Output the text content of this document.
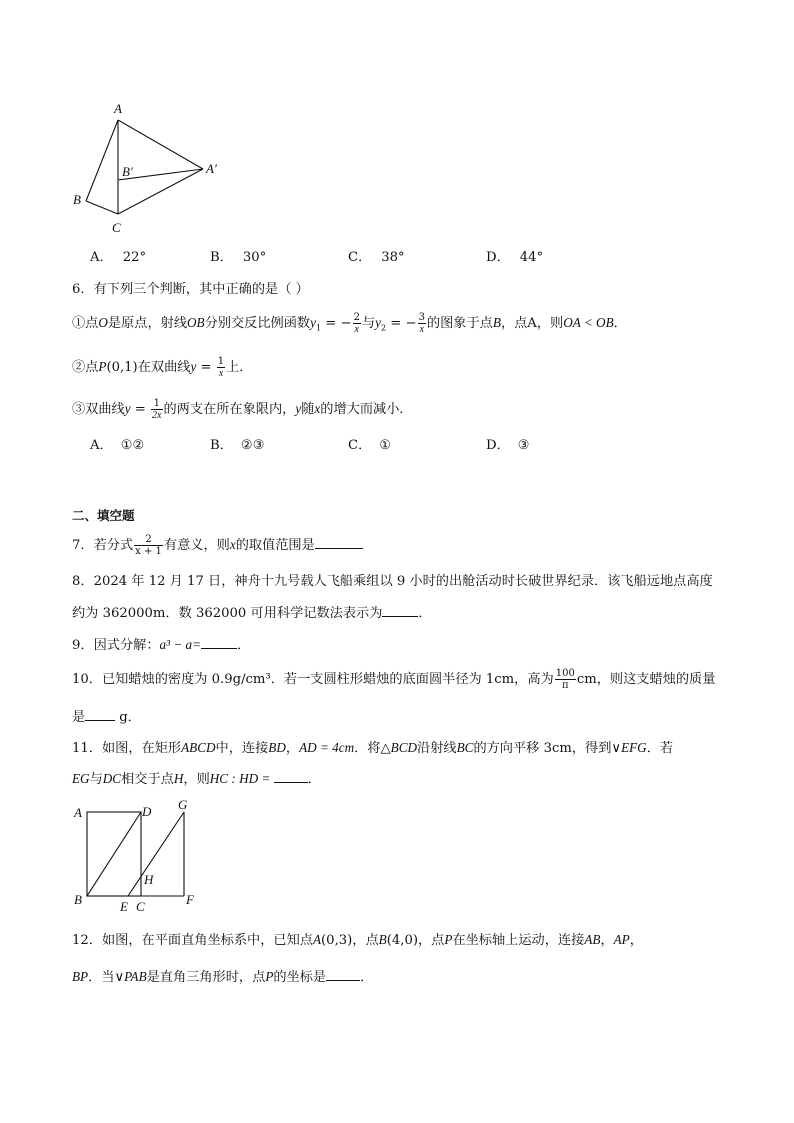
A
B
B′	A′
C
A． 22°	B． 30°	C． 38°	D． 44°
6．有下列三个判断，其中正确的是（ ）
①点O是原点，射线OB分别交反比例函数$y_1$ = − $\frac{2}{x}$ 与$y_2$ = − $\frac{3}{x}$ 的图象于点B，点A，则OA < OB．
②点P(0,1)在双曲线$y = \frac{1}{x}$ 上．
③双曲线$y = \frac{1}{2x}$ 的两支在所在象限内，y随x的增大而减小．
A． ①②	B． ②③	C． ①	D． ③
二、填空题
7．若分式 $\frac{2}{x + 1}$ 有意义，则x的取值范围是
8．2024 年 12 月 17 日，神舟十九号载人飞船乘组以 9 小时的出舱活动时长破世界纪录．该飞船远地点高度
约为 362000m．数 362000 可用科学记数法表示为	．
9．因式分解：a³ − a=	．
10．已知蜡烛的密度为 0.9g/cm³．若一支圆柱形蜡烛的底面圆半径为 1cm，高为 $\frac{100}{\pi}$ cm，则这支蜡烛的质量
是	g．
11．如图，在矩形ABCD中，连接BD，AD = 4cm．将△BCD沿射线BC的方向平移 3cm，得到∨EFG．若
EG与DC相交于点H，则HC : HD =	．
A	D G
H
B	E C	F
12．如图，在平面直角坐标系中，已知点A(0,3)，点B(4,0)，点P在坐标轴上运动，连接AB，AP，
BP．当∨PAB是直角三角形时，点P的坐标是	．
